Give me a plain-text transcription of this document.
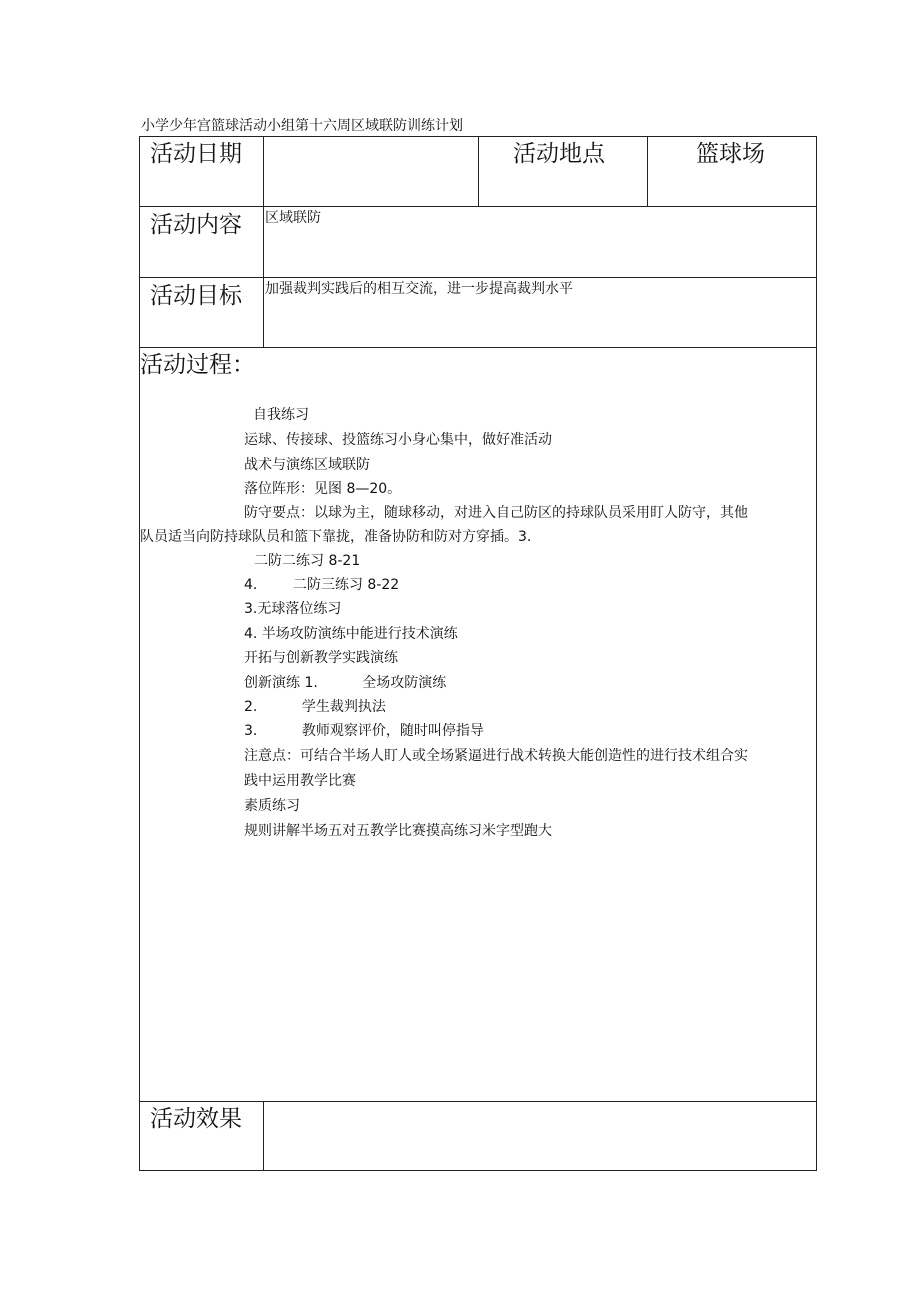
小学少年宫篮球活动小组第十六周区域联防训练计划
活动日期	活动地点	篮球场
活动内容 区域联防
活动目标 加强裁判实践后的相互交流，进一步提高裁判水平
活动过程：
自我练习
运球、传接球、投篮练习小身心集中，做好准活动
战术与演练区域联防
落位阵形：见图 8—20。
防守要点：以球为主，随球移动，对进入自己防区的持球队员采用盯人防守，其他
队员适当向防持球队员和篮下靠拢，准备协防和防对方穿插。3.
二防二练习 8-21
4.        二防三练习 8-22
3.无球落位练习
4. 半场攻防演练中能进行技术演练
开拓与创新教学实践演练
创新演练 1.          全场攻防演练
2.          学生裁判执法
3.          教师观察评价，随时叫停指导
注意点：可结合半场人盯人或全场紧逼进行战术转换大能创造性的进行技术组合实
践中运用教学比赛
素质练习
规则讲解半场五对五教学比赛摸高练习米字型跑大
活动效果
